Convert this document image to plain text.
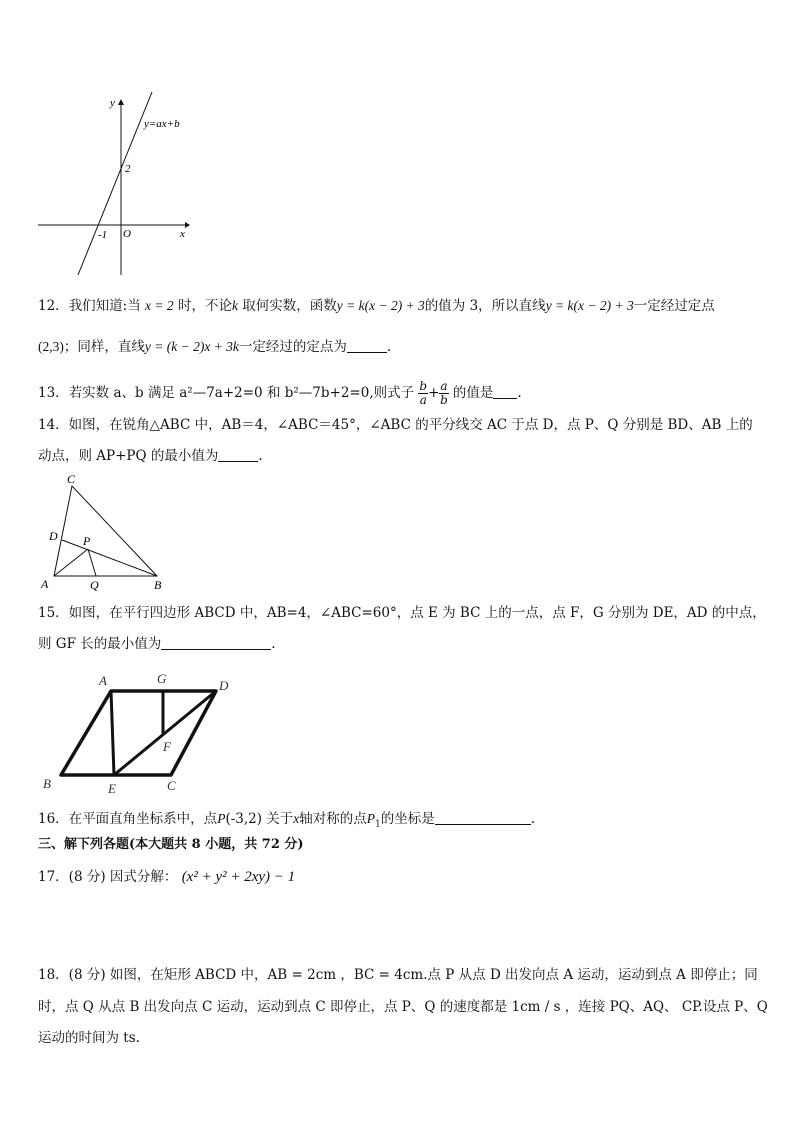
y
x
O
y=ax+b
2
-1
12．我们知道:当 x = 2 时，不论k 取何实数，函数y = k(x − 2) + 3的值为 3，所以直线y = k(x − 2) + 3一定经过定点
(2,3)；同样，直线y = (k − 2)x + 3k一定经过的定点为	.
13．若实数 a、b 满足 a²—7a+2=0 和 b²—7b+2=0,则式子 $\frac{b}{a} + \frac{a}{b}$ 的值是 .
14．如图，在锐角△ABC 中，AB＝4，∠ABC＝45°，∠ABC 的平分线交 AC 于点 D，点 P、Q 分别是 BD、AB 上的
动点，则 AP+PQ 的最小值为	.
C
D P
A	Q	B
15．如图，在平行四边形 ABCD 中，AB=4，∠ABC=60°，点 E 为 BC 上的一点，点 F，G 分别为 DE，AD 的中点，
则 GF 长的最小值为	.
A	G	D
F
B	E	C
16．在平面直角坐标系中，点P(-3,2) 关于x轴对称的点$P_1$的坐标是	.
三、解下列各题(本大题共 8 小题，共 72 分)
17．(8 分) 因式分解： (x² + y² + 2xy) − 1
18．(8 分) 如图，在矩形 ABCD 中，AB = 2cm ，BC = 4cm.点 P 从点 D 出发向点 A 运动，运动到点 A 即停止；同
时，点 Q 从点 B 出发向点 C 运动，运动到点 C 即停止，点 P、Q 的速度都是 1cm / s ，连接 PQ、AQ、 CP.设点 P、Q
运动的时间为 ts.
